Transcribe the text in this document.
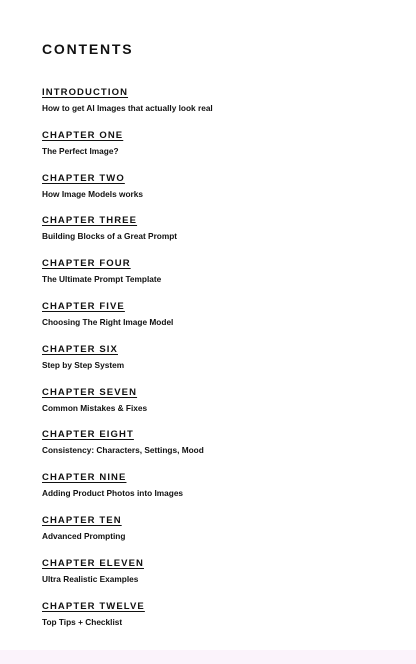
CONTENTS
INTRODUCTION
How to get AI Images that actually look real
CHAPTER ONE
The Perfect Image?
CHAPTER TWO
How Image Models works
CHAPTER THREE
Building Blocks of a Great Prompt
CHAPTER FOUR
The Ultimate Prompt Template
CHAPTER FIVE
Choosing The Right Image Model
CHAPTER SIX
Step by Step System
CHAPTER SEVEN
Common Mistakes & Fixes
CHAPTER EIGHT
Consistency: Characters, Settings, Mood
CHAPTER NINE
Adding Product Photos into Images
CHAPTER TEN
Advanced Prompting
CHAPTER ELEVEN
Ultra Realistic Examples
CHAPTER TWELVE
Top Tips + Checklist
